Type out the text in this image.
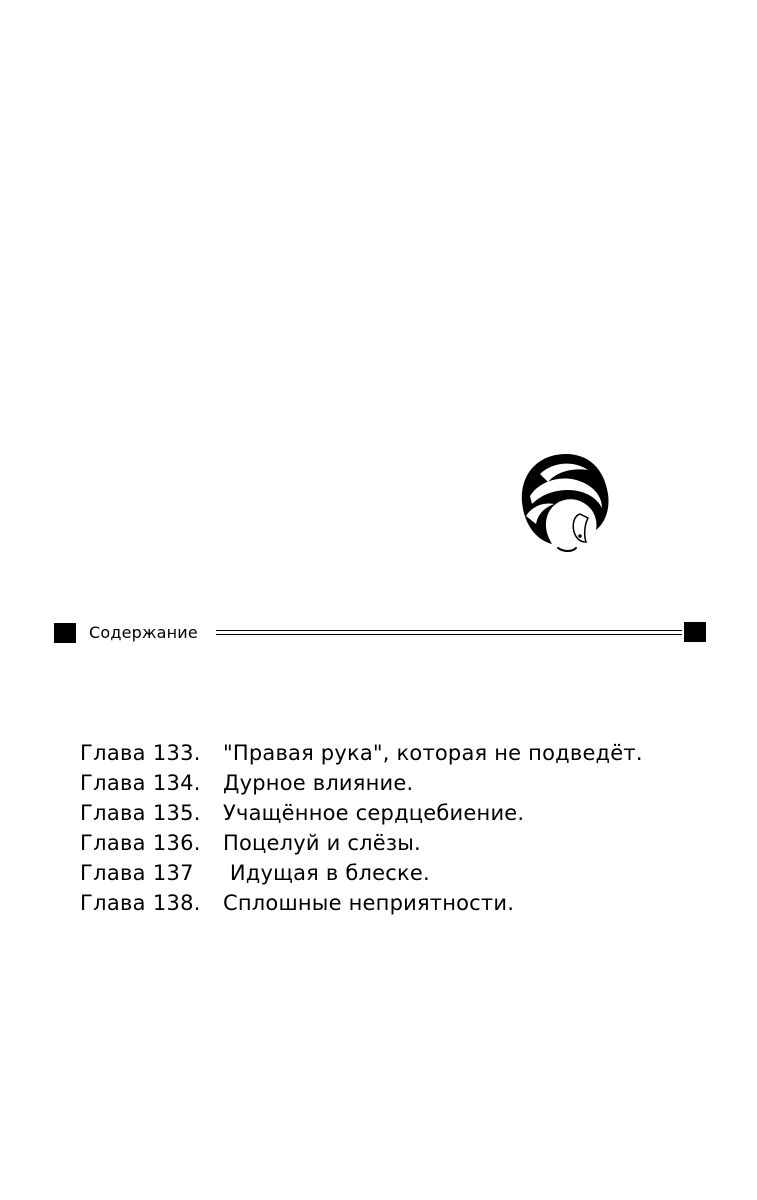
Содержание
Глава 133.	"Правая рука", которая не подведёт.
Глава 134.	Дурное влияние.
Глава 135.	Учащённое сердцебиение.
Глава 136.	Поцелуй и слёзы.
Глава 137	Идущая в блеске.
Глава 138.	Сплошные неприятности.
